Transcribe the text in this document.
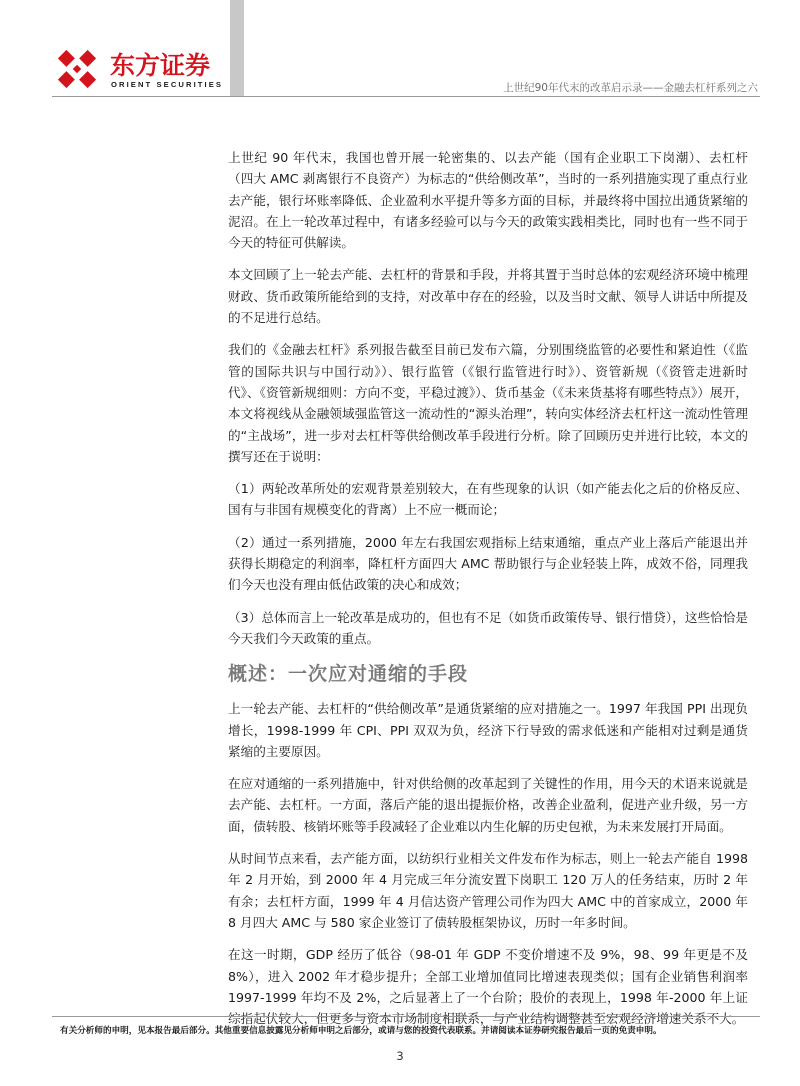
东方证券
ORIENT SECURITIES	上世纪90年代末的改革启示录——金融去杠杆系列之六

上世纪 90 年代末，我国也曾开展一轮密集的、以去产能（国有企业职工下岗潮）、去杠杆（四大 AMC 剥离银行不良资产）为标志的“供给侧改革”，当时的一系列措施实现了重点行业去产能，银行坏账率降低、企业盈利水平提升等多方面的目标，并最终将中国拉出通货紧缩的泥沼。在上一轮改革过程中，有诸多经验可以与今天的政策实践相类比，同时也有一些不同于今天的特征可供解读。

本文回顾了上一轮去产能、去杠杆的背景和手段，并将其置于当时总体的宏观经济环境中梳理财政、货币政策所能给到的支持，对改革中存在的经验，以及当时文献、领导人讲话中所提及的不足进行总结。

我们的《金融去杠杆》系列报告截至目前已发布六篇，分别围绕监管的必要性和紧迫性（《监管的国际共识与中国行动》）、银行监管（《银行监管进行时》）、资管新规（《资管走进新时代》、《资管新规细则：方向不变，平稳过渡》）、货币基金（《未来货基将有哪些特点》）展开，本文将视线从金融领域强监管这一流动性的“源头治理”，转向实体经济去杠杆这一流动性管理的“主战场”，进一步对去杠杆等供给侧改革手段进行分析。除了回顾历史并进行比较，本文的撰写还在于说明：

（1）两轮改革所处的宏观背景差别较大，在有些现象的认识（如产能去化之后的价格反应、国有与非国有规模变化的背离）上不应一概而论；

（2）通过一系列措施，2000 年左右我国宏观指标上结束通缩，重点产业上落后产能退出并获得长期稳定的利润率，降杠杆方面四大 AMC 帮助银行与企业轻装上阵，成效不俗，同理我们今天也没有理由低估政策的决心和成效；

（3）总体而言上一轮改革是成功的，但也有不足（如货币政策传导、银行惜贷），这些恰恰是今天我们今天政策的重点。

概述：一次应对通缩的手段

上一轮去产能、去杠杆的“供给侧改革”是通货紧缩的应对措施之一。1997 年我国 PPI 出现负增长，1998-1999 年 CPI、PPI 双双为负，经济下行导致的需求低迷和产能相对过剩是通货紧缩的主要原因。

在应对通缩的一系列措施中，针对供给侧的改革起到了关键性的作用，用今天的术语来说就是去产能、去杠杆。一方面，落后产能的退出提振价格，改善企业盈利，促进产业升级，另一方面，债转股、核销坏账等手段减轻了企业难以内生化解的历史包袱，为未来发展打开局面。

从时间节点来看，去产能方面，以纺织行业相关文件发布作为标志，则上一轮去产能自 1998 年 2 月开始，到 2000 年 4 月完成三年分流安置下岗职工 120 万人的任务结束，历时 2 年有余；去杠杆方面，1999 年 4 月信达资产管理公司作为四大 AMC 中的首家成立，2000 年 8 月四大 AMC 与 580 家企业签订了债转股框架协议，历时一年多时间。

在这一时期，GDP 经历了低谷（98-01 年 GDP 不变价增速不及 9%，98、99 年更是不及 8%），进入 2002 年才稳步提升；全部工业增加值同比增速表现类似；国有企业销售利润率 1997-1999 年均不及 2%，之后显著上了一个台阶；股价的表现上，1998 年-2000 年上证综指起伏较大，但更多与资本市场制度相联系，与产业结构调整甚至宏观经济增速关系不大。

有关分析师的申明，见本报告最后部分。其他重要信息披露见分析师申明之后部分，或请与您的投资代表联系。并请阅读本证券研究报告最后一页的免责申明。
3
